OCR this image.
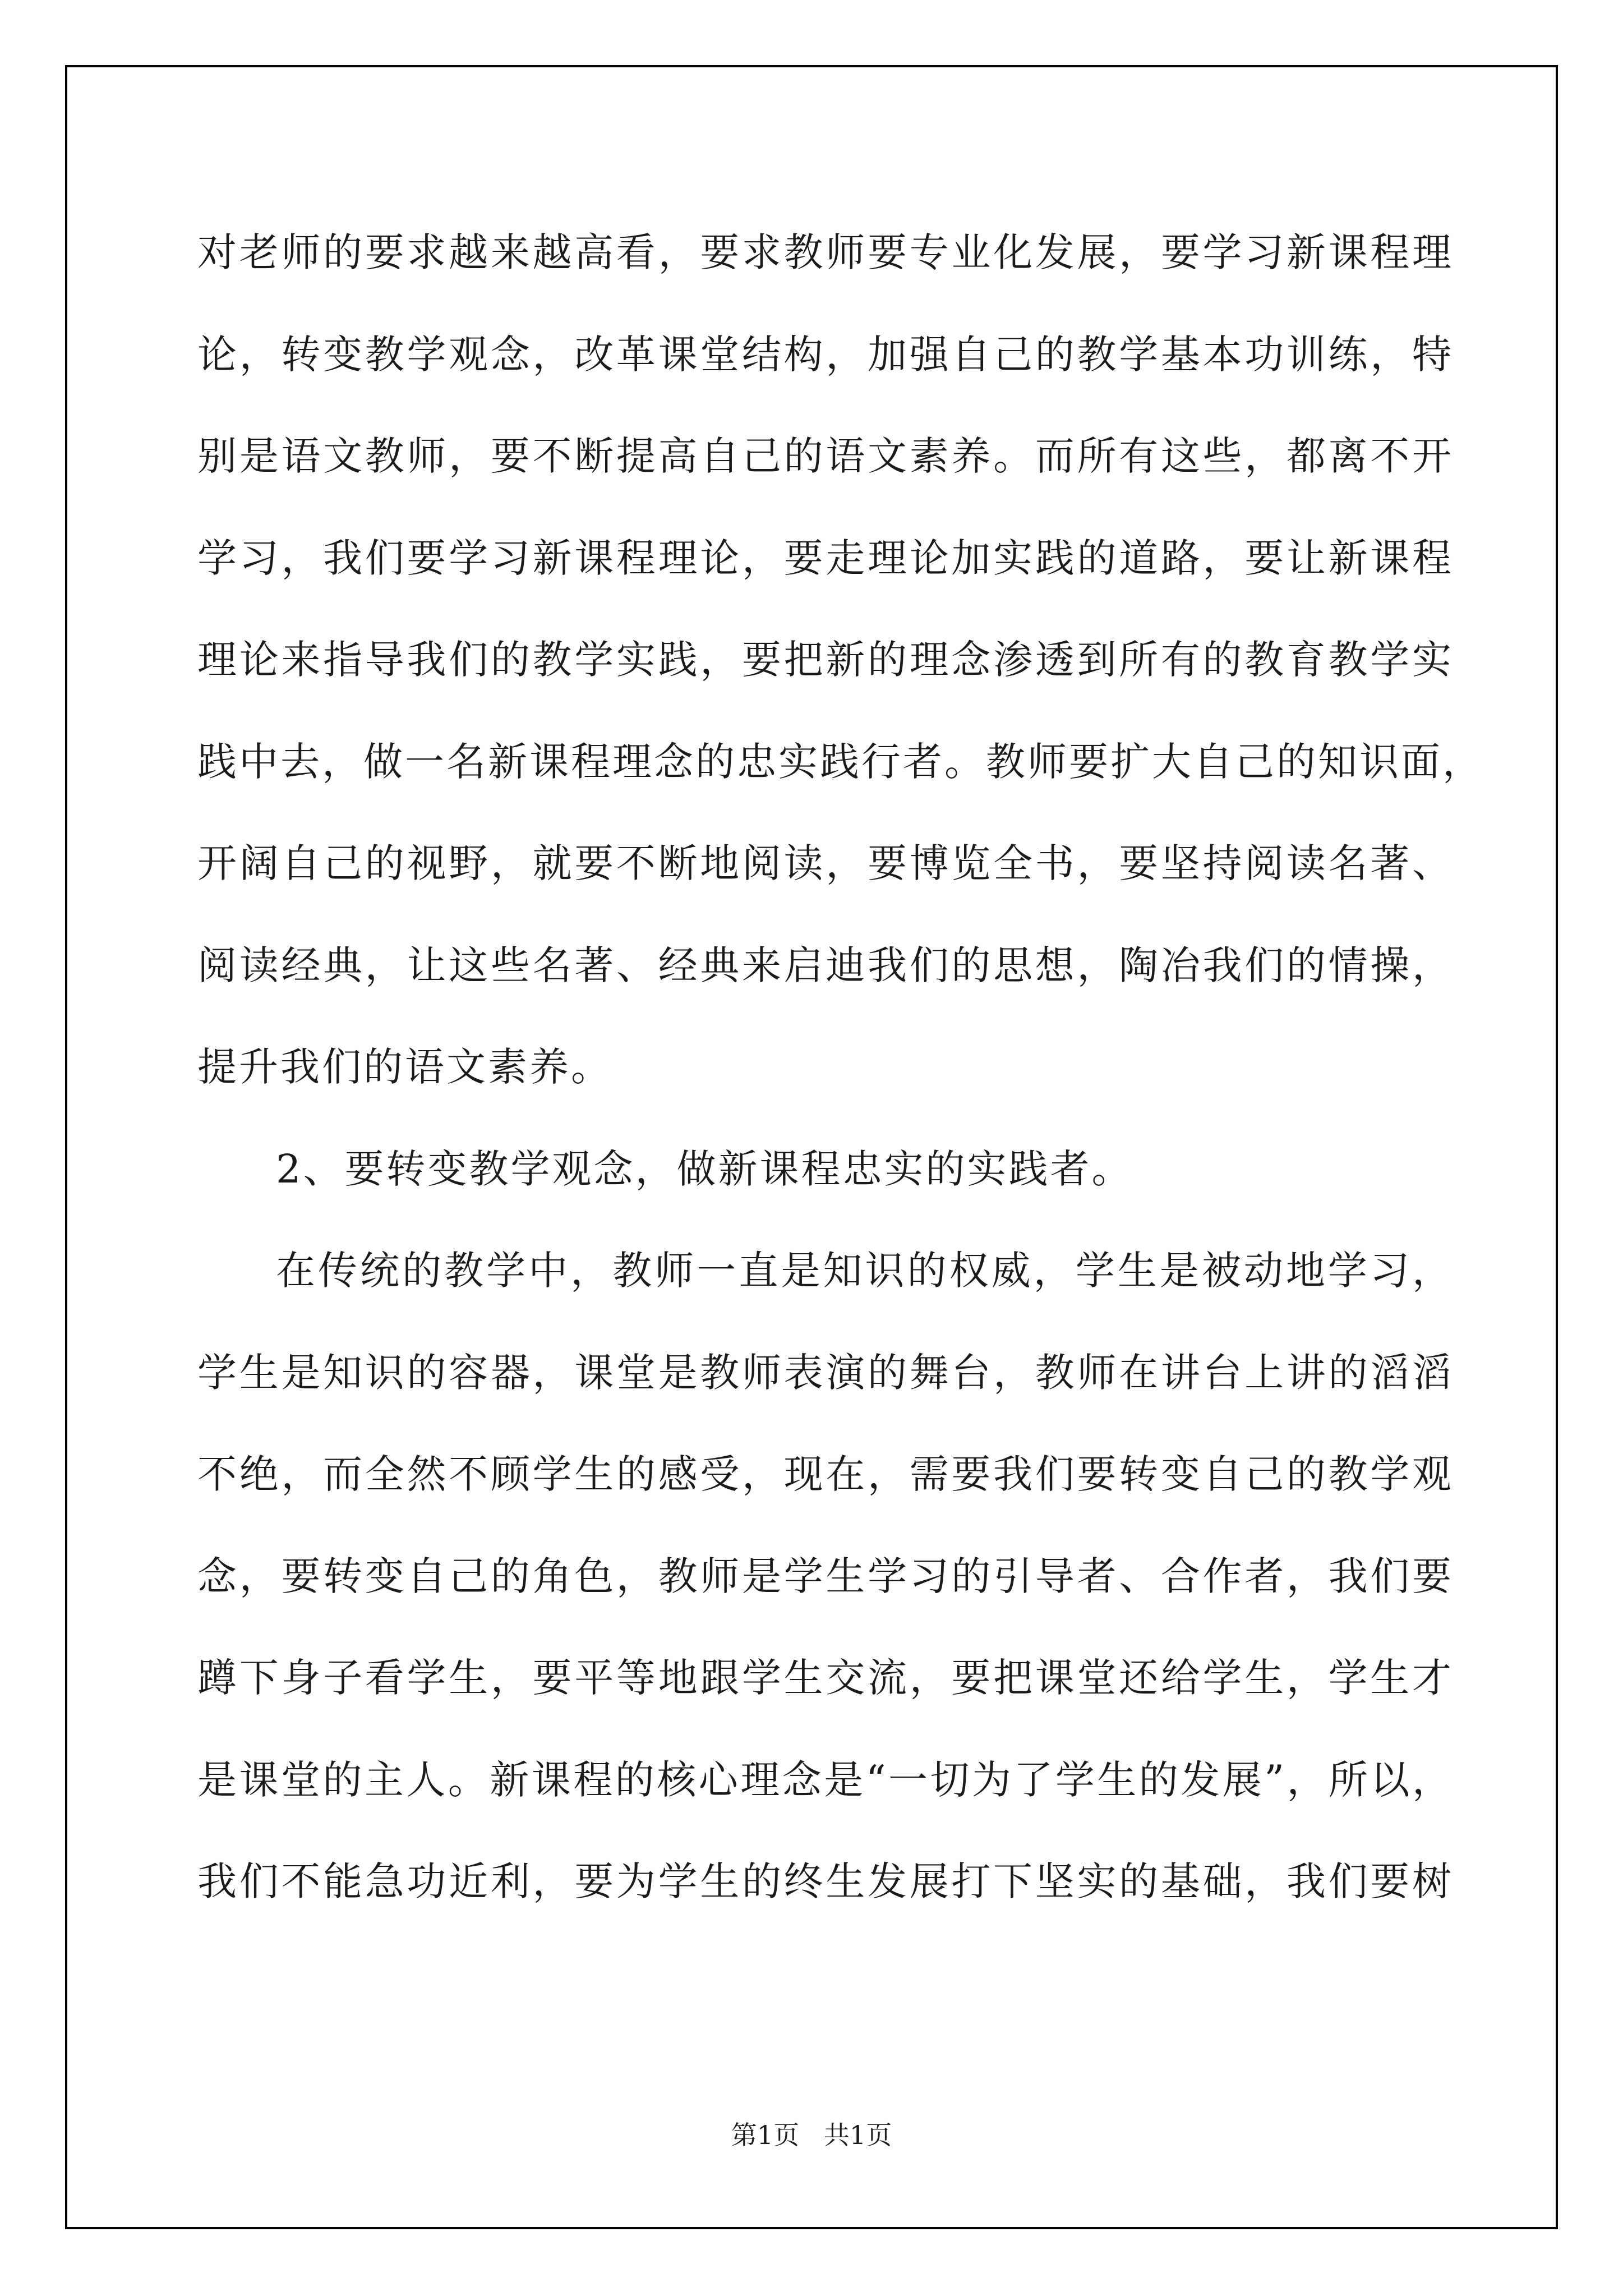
对老师的要求越来越高看，要求教师要专业化发展，要学习新课程理
论，转变教学观念，改革课堂结构，加强自己的教学基本功训练，特
别是语文教师，要不断提高自己的语文素养。而所有这些，都离不开
学习，我们要学习新课程理论，要走理论加实践的道路，要让新课程
理论来指导我们的教学实践，要把新的理念渗透到所有的教育教学实
践中去，做一名新课程理念的忠实践行者。教师要扩大自己的知识面，
开阔自己的视野，就要不断地阅读，要博览全书，要坚持阅读名著、
阅读经典，让这些名著、经典来启迪我们的思想，陶冶我们的情操，
提升我们的语文素养。
2、要转变教学观念，做新课程忠实的实践者。
在传统的教学中，教师一直是知识的权威，学生是被动地学习，
学生是知识的容器，课堂是教师表演的舞台，教师在讲台上讲的滔滔
不绝，而全然不顾学生的感受，现在，需要我们要转变自己的教学观
念，要转变自己的角色，教师是学生学习的引导者、合作者，我们要
蹲下身子看学生，要平等地跟学生交流，要把课堂还给学生，学生才
是课堂的主人。新课程的核心理念是“一切为了学生的发展”，所以，
我们不能急功近利，要为学生的终生发展打下坚实的基础，我们要树
第1页   共1页
